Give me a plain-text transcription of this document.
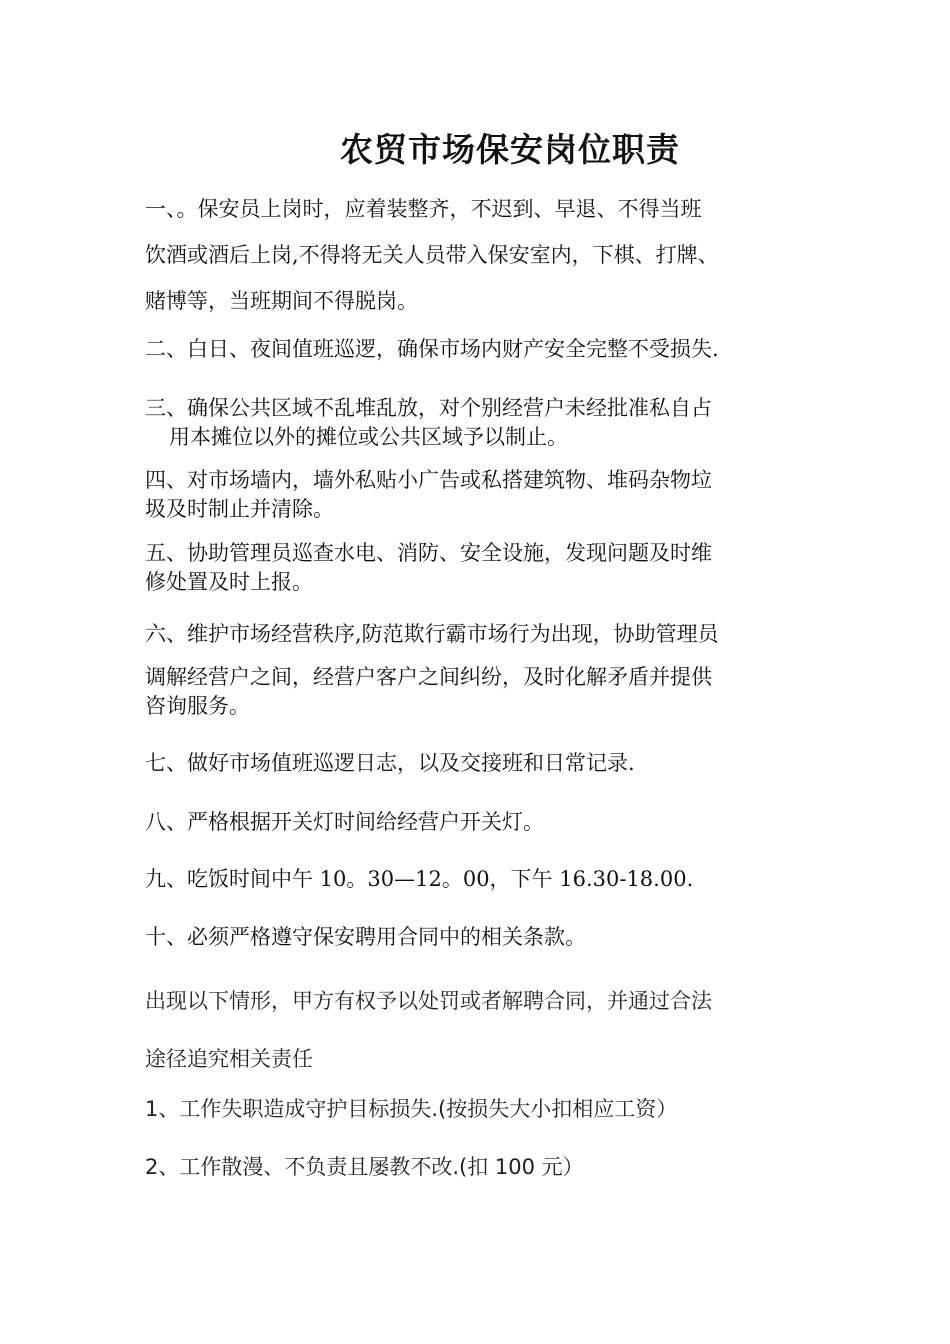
农贸市场保安岗位职责
一、。保安员上岗时，应着装整齐，不迟到、早退、不得当班
饮酒或酒后上岗,不得将无关人员带入保安室内，下棋、打牌、
赌博等，当班期间不得脱岗。
二、白日、夜间值班巡逻，确保市场内财产安全完整不受损失.
三、确保公共区域不乱堆乱放，对个别经营户未经批准私自占
用本摊位以外的摊位或公共区域予以制止。
四、对市场墙内，墙外私贴小广告或私搭建筑物、堆码杂物垃
圾及时制止并清除。
五、协助管理员巡查水电、消防、安全设施，发现问题及时维
修处置及时上报。
六、维护市场经营秩序,防范欺行霸市场行为出现，协助管理员
调解经营户之间，经营户客户之间纠纷，及时化解矛盾并提供
咨询服务。
七、做好市场值班巡逻日志，以及交接班和日常记录.
八、严格根据开关灯时间给经营户开关灯。
九、吃饭时间中午 10。30—12。00，下午 16.30-18.00.
十、必须严格遵守保安聘用合同中的相关条款。
出现以下情形，甲方有权予以处罚或者解聘合同，并通过合法
途径追究相关责任
1、工作失职造成守护目标损失.(按损失大小扣相应工资）
2、工作散漫、不负责且屡教不改.(扣 100 元）
